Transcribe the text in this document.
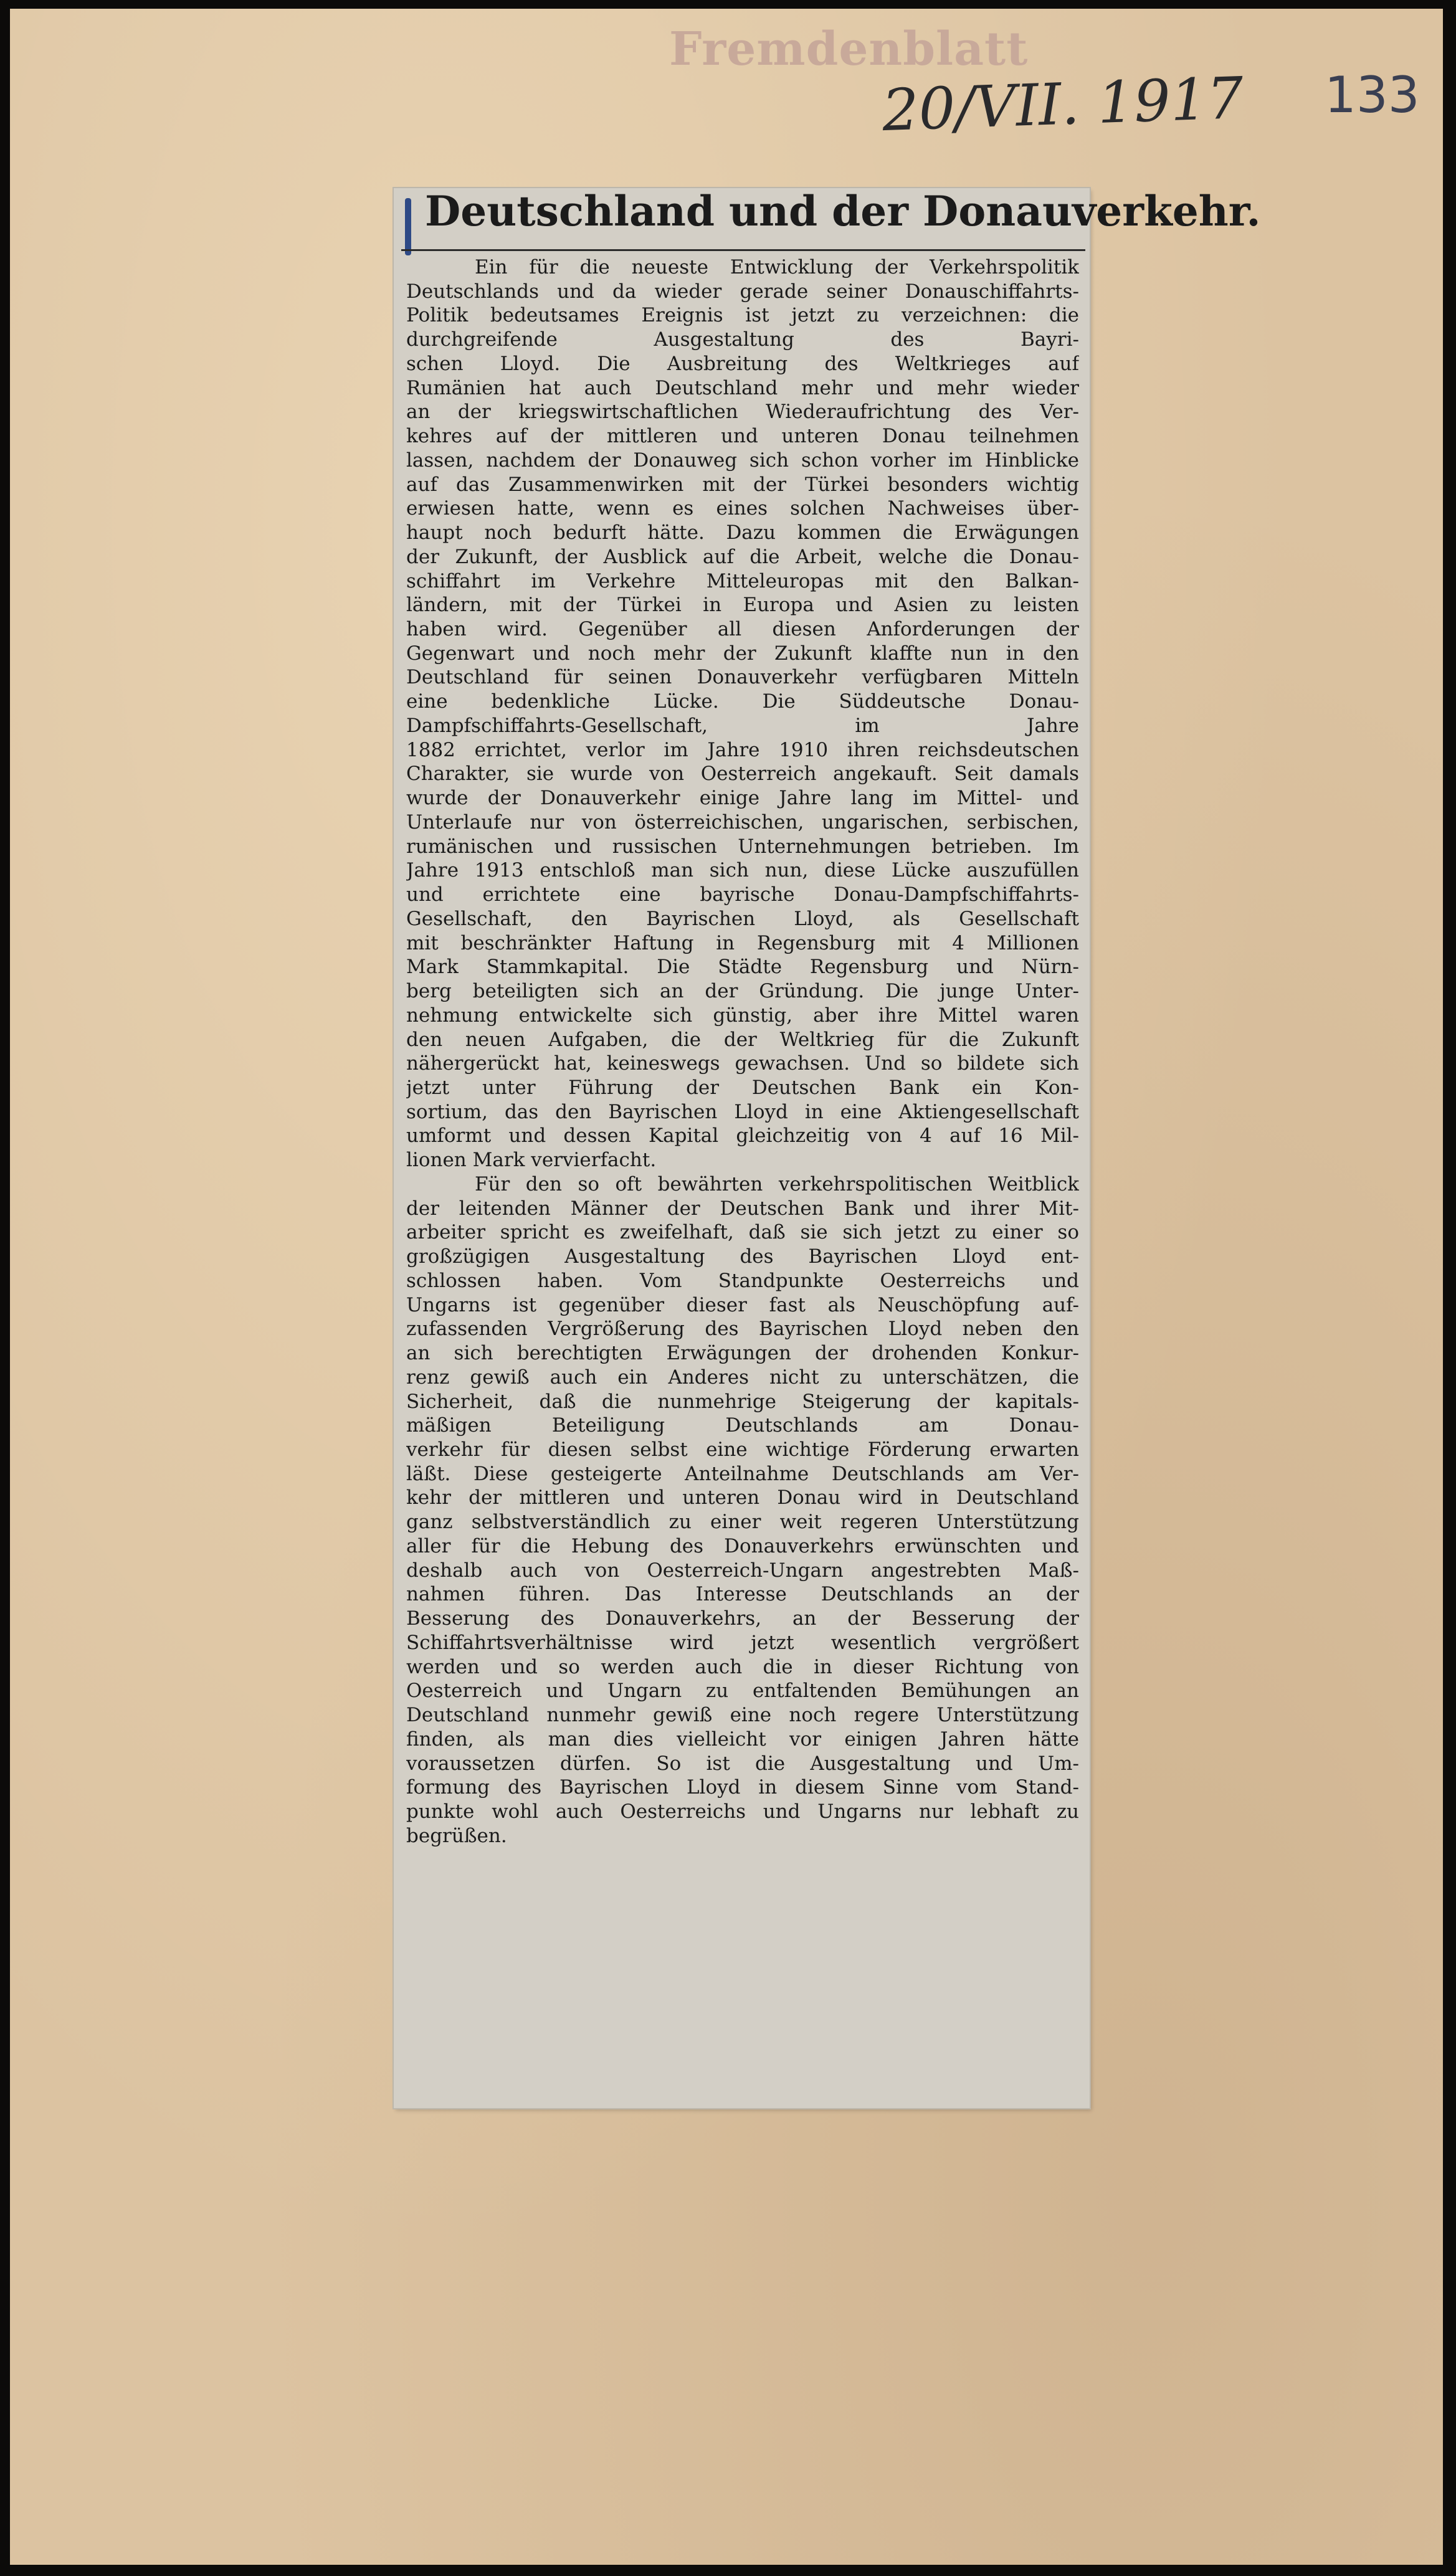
Fremdenblatt
20/VII. 1917 133
Deutschland und der Donauverkehr.
Ein für die neueste Entwicklung der Verkehrspolitik
Deutschlands und da wieder gerade seiner Donauschiffahrts-
Politik bedeutsames Ereignis ist jetzt zu verzeichnen: die
durchgreifende Ausgestaltung des Bayri-
schen Lloyd. Die Ausbreitung des Weltkrieges auf
Rumänien hat auch Deutschland mehr und mehr wieder
an der kriegswirtschaftlichen Wiederaufrichtung des Ver-
kehres auf der mittleren und unteren Donau teilnehmen
lassen, nachdem der Donauweg sich schon vorher im Hinblicke
auf das Zusammenwirken mit der Türkei besonders wichtig
erwiesen hatte, wenn es eines solchen Nachweises über-
haupt noch bedurft hätte. Dazu kommen die Erwägungen
der Zukunft, der Ausblick auf die Arbeit, welche die Donau-
schiffahrt im Verkehre Mitteleuropas mit den Balkan-
ländern, mit der Türkei in Europa und Asien zu leisten
haben wird. Gegenüber all diesen Anforderungen der
Gegenwart und noch mehr der Zukunft klaffte nun in den
Deutschland für seinen Donauverkehr verfügbaren Mitteln
eine bedenkliche Lücke. Die Süddeutsche Donau-
Dampfschiffahrts-Gesellschaft, im Jahre
1882 errichtet, verlor im Jahre 1910 ihren reichsdeutschen
Charakter, sie wurde von Oesterreich angekauft. Seit damals
wurde der Donauverkehr einige Jahre lang im Mittel- und
Unterlaufe nur von österreichischen, ungarischen, serbischen,
rumänischen und russischen Unternehmungen betrieben. Im
Jahre 1913 entschloß man sich nun, diese Lücke auszufüllen
und errichtete eine bayrische Donau-Dampfschiffahrts-
Gesellschaft, den Bayrischen Lloyd, als Gesellschaft
mit beschränkter Haftung in Regensburg mit 4 Millionen
Mark Stammkapital. Die Städte Regensburg und Nürn-
berg beteiligten sich an der Gründung. Die junge Unter-
nehmung entwickelte sich günstig, aber ihre Mittel waren
den neuen Aufgaben, die der Weltkrieg für die Zukunft
nähergerückt hat, keineswegs gewachsen. Und so bildete sich
jetzt unter Führung der Deutschen Bank ein Kon-
sortium, das den Bayrischen Lloyd in eine Aktiengesellschaft
umformt und dessen Kapital gleichzeitig von 4 auf 16 Mil-
lionen Mark vervierfacht.
Für den so oft bewährten verkehrspolitischen Weitblick
der leitenden Männer der Deutschen Bank und ihrer Mit-
arbeiter spricht es zweifelhaft, daß sie sich jetzt zu einer so
großzügigen Ausgestaltung des Bayrischen Lloyd ent-
schlossen haben. Vom Standpunkte Oesterreichs und
Ungarns ist gegenüber dieser fast als Neuschöpfung auf-
zufassenden Vergrößerung des Bayrischen Lloyd neben den
an sich berechtigten Erwägungen der drohenden Konkur-
renz gewiß auch ein Anderes nicht zu unterschätzen, die
Sicherheit, daß die nunmehrige Steigerung der kapitals-
mäßigen Beteiligung Deutschlands am Donau-
verkehr für diesen selbst eine wichtige Förderung erwarten
läßt. Diese gesteigerte Anteilnahme Deutschlands am Ver-
kehr der mittleren und unteren Donau wird in Deutschland
ganz selbstverständlich zu einer weit regeren Unterstützung
aller für die Hebung des Donauverkehrs erwünschten und
deshalb auch von Oesterreich-Ungarn angestrebten Maß-
nahmen führen. Das Interesse Deutschlands an der
Besserung des Donauverkehrs, an der Besserung der
Schiffahrtsverhältnisse wird jetzt wesentlich vergrößert
werden und so werden auch die in dieser Richtung von
Oesterreich und Ungarn zu entfaltenden Bemühungen an
Deutschland nunmehr gewiß eine noch regere Unterstützung
finden, als man dies vielleicht vor einigen Jahren hätte
voraussetzen dürfen. So ist die Ausgestaltung und Um-
formung des Bayrischen Lloyd in diesem Sinne vom Stand-
punkte wohl auch Oesterreichs und Ungarns nur lebhaft zu
begrüßen.
